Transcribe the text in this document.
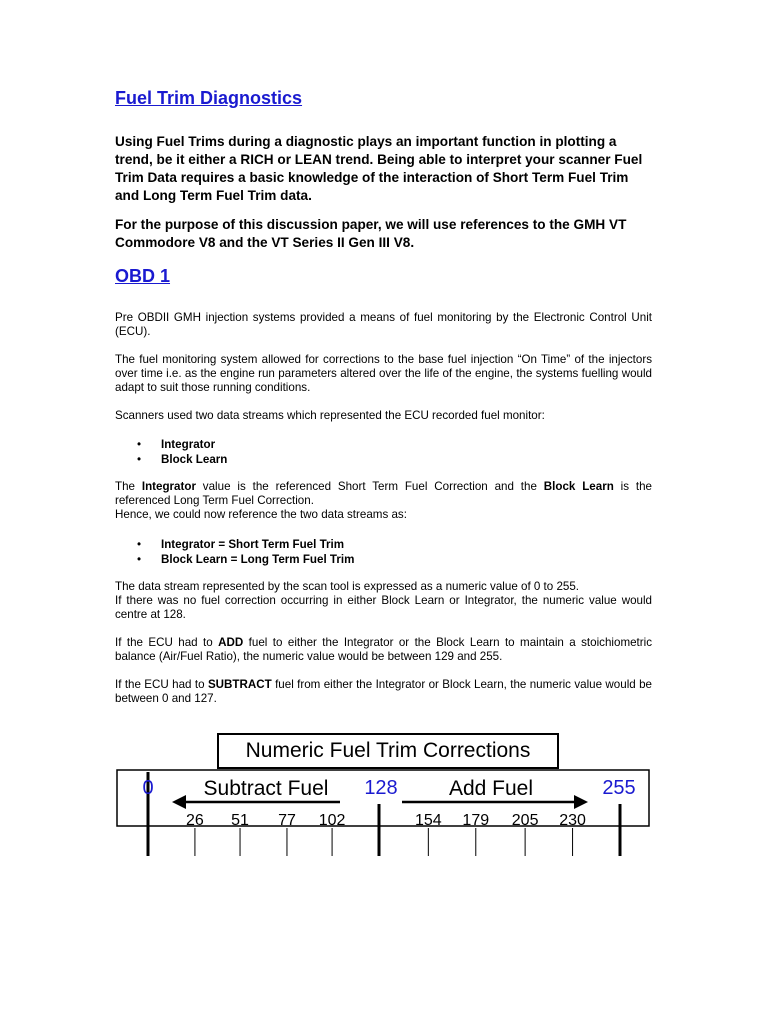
Fuel Trim Diagnostics
Using Fuel Trims during a diagnostic plays an important function in plotting a trend, be it either a RICH or LEAN trend. Being able to interpret your scanner Fuel Trim Data requires a basic knowledge of the interaction of Short Term Fuel Trim and Long Term Fuel Trim data.
For the purpose of this discussion paper, we will use references to the GMH VT Commodore V8 and the VT Series II Gen III V8.
OBD 1
Pre OBDII GMH injection systems provided a means of fuel monitoring by the Electronic Control Unit (ECU).
The fuel monitoring system allowed for corrections to the base fuel injection “On Time” of the injectors over time i.e. as the engine run parameters altered over the life of the engine, the systems fuelling would adapt to suit those running conditions.
Scanners used two data streams which represented the ECU recorded fuel monitor:
• Integrator
• Block Learn
The Integrator value is the referenced Short Term Fuel Correction and the Block Learn is the referenced Long Term Fuel Correction.
Hence, we could now reference the two data streams as:
• Integrator = Short Term Fuel Trim
• Block Learn = Long Term Fuel Trim
The data stream represented by the scan tool is expressed as a numeric value of 0 to 255.
If there was no fuel correction occurring in either Block Learn or Integrator, the numeric value would centre at 128.
If the ECU had to ADD fuel to either the Integrator or the Block Learn to maintain a stoichiometric balance (Air/Fuel Ratio), the numeric value would be between 129 and 255.
If the ECU had to SUBTRACT fuel from either the Integrator or Block Learn, the numeric value would be between 0 and 127.
Numeric Fuel Trim Corrections
0 Subtract Fuel 128 Add Fuel	255
26 51 77 102	154 179 205 230
